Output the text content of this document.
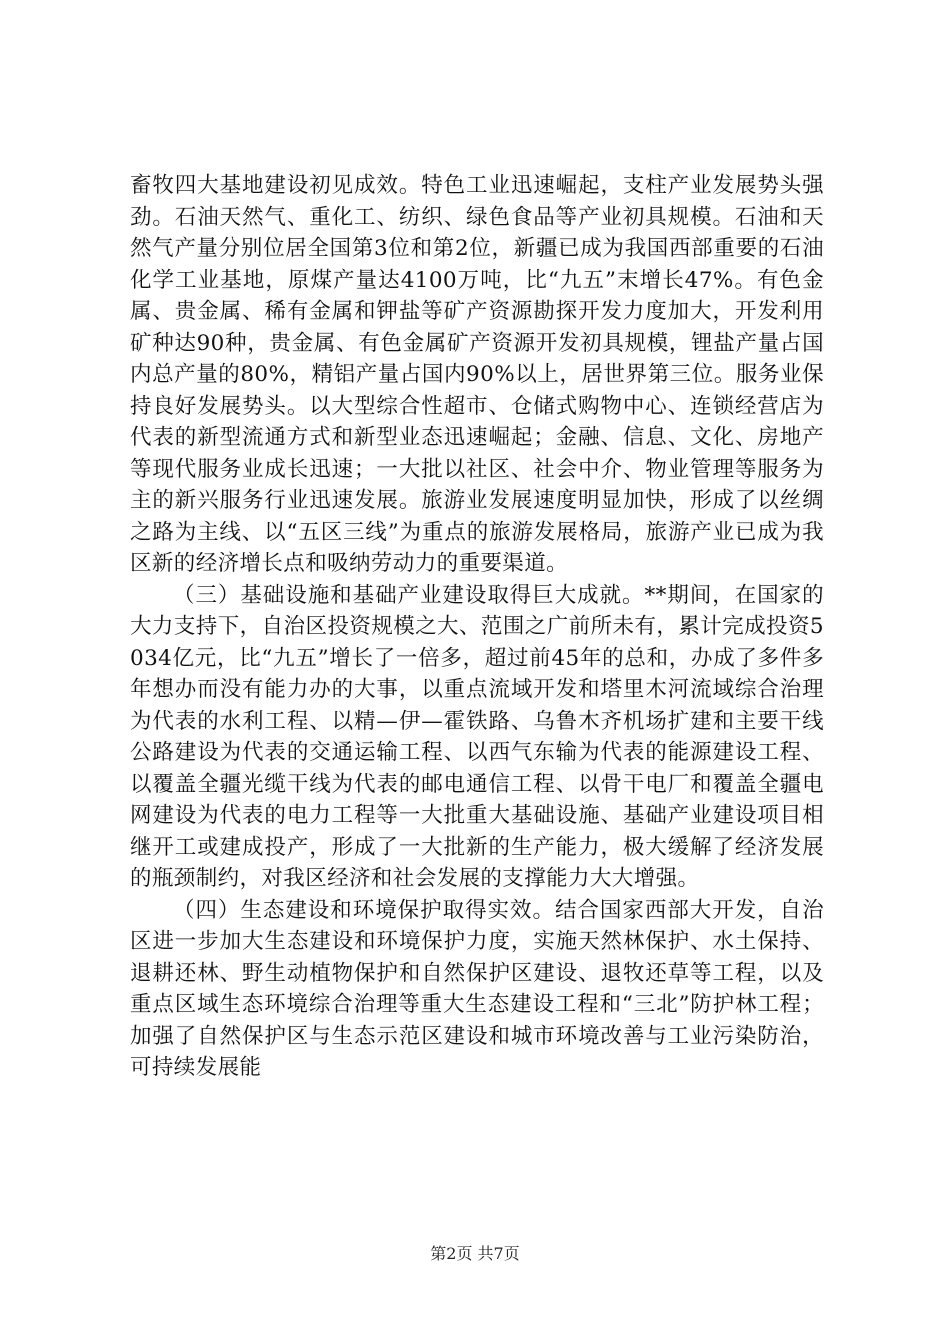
畜牧四大基地建设初见成效。特色工业迅速崛起，支柱产业发展势头强劲。石油天然气、重化工、纺织、绿色食品等产业初具规模。石油和天然气产量分别位居全国第3位和第2位，新疆已成为我国西部重要的石油化学工业基地，原煤产量达4100万吨，比“九五”末增长47%。有色金属、贵金属、稀有金属和钾盐等矿产资源勘探开发力度加大，开发利用矿种达90种，贵金属、有色金属矿产资源开发初具规模，锂盐产量占国内总产量的80%，精铝产量占国内90%以上，居世界第三位。服务业保持良好发展势头。以大型综合性超市、仓储式购物中心、连锁经营店为代表的新型流通方式和新型业态迅速崛起；金融、信息、文化、房地产等现代服务业成长迅速；一大批以社区、社会中介、物业管理等服务为主的新兴服务行业迅速发展。旅游业发展速度明显加快，形成了以丝绸之路为主线、以“五区三线”为重点的旅游发展格局，旅游产业已成为我区新的经济增长点和吸纳劳动力的重要渠道。

（三）基础设施和基础产业建设取得巨大成就。**期间，在国家的大力支持下，自治区投资规模之大、范围之广前所未有，累计完成投资5034亿元，比“九五”增长了一倍多，超过前45年的总和，办成了多件多年想办而没有能力办的大事，以重点流域开发和塔里木河流域综合治理为代表的水利工程、以精—伊—霍铁路、乌鲁木齐机场扩建和主要干线公路建设为代表的交通运输工程、以西气东输为代表的能源建设工程、以覆盖全疆光缆干线为代表的邮电通信工程、以骨干电厂和覆盖全疆电网建设为代表的电力工程等一大批重大基础设施、基础产业建设项目相继开工或建成投产，形成了一大批新的生产能力，极大缓解了经济发展的瓶颈制约，对我区经济和社会发展的支撑能力大大增强。

（四）生态建设和环境保护取得实效。结合国家西部大开发，自治区进一步加大生态建设和环境保护力度，实施天然林保护、水土保持、退耕还林、野生动植物保护和自然保护区建设、退牧还草等工程，以及重点区域生态环境综合治理等重大生态建设工程和“三北”防护林工程；加强了自然保护区与生态示范区建设和城市环境改善与工业污染防治，可持续发展能

第2页 共7页
